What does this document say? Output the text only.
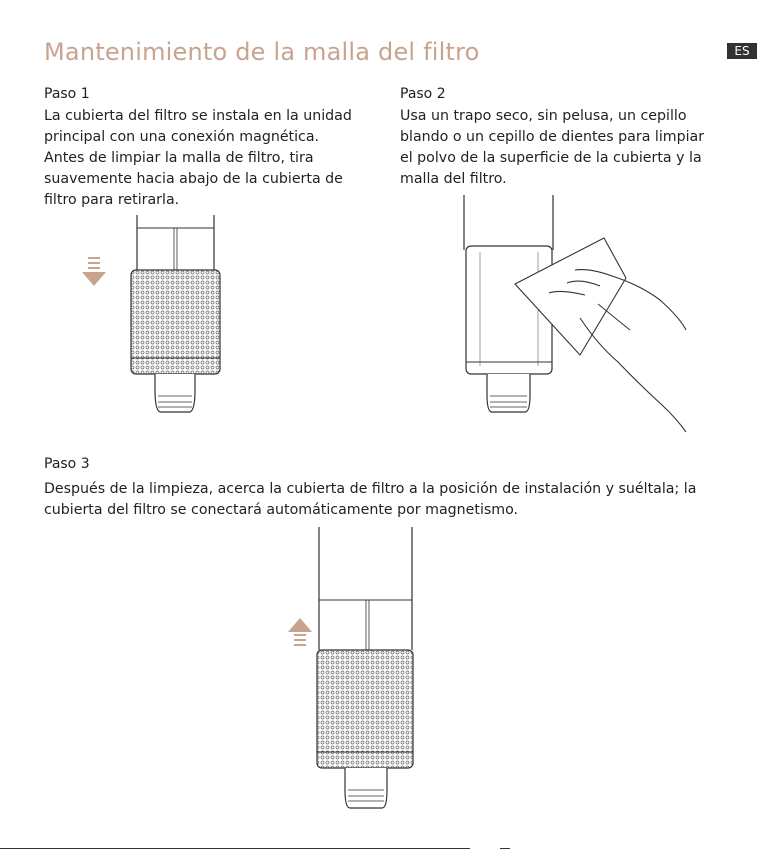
Mantenimiento de la malla del filtro	ES
Paso 1
La cubierta del filtro se instala en la unidad principal con una conexión magnética. Antes de limpiar la malla de filtro, tira suavemente hacia abajo de la cubierta de filtro para retirarla.
Paso 2
Usa un trapo seco, sin pelusa, un cepillo blando o un cepillo de dientes para limpiar el polvo de la superficie de la cubierta y la malla del filtro.
Paso 3
Después de la limpieza, acerca la cubierta de filtro a la posición de instalación y suéltala; la cubierta del filtro se conectará automáticamente por magnetismo.
